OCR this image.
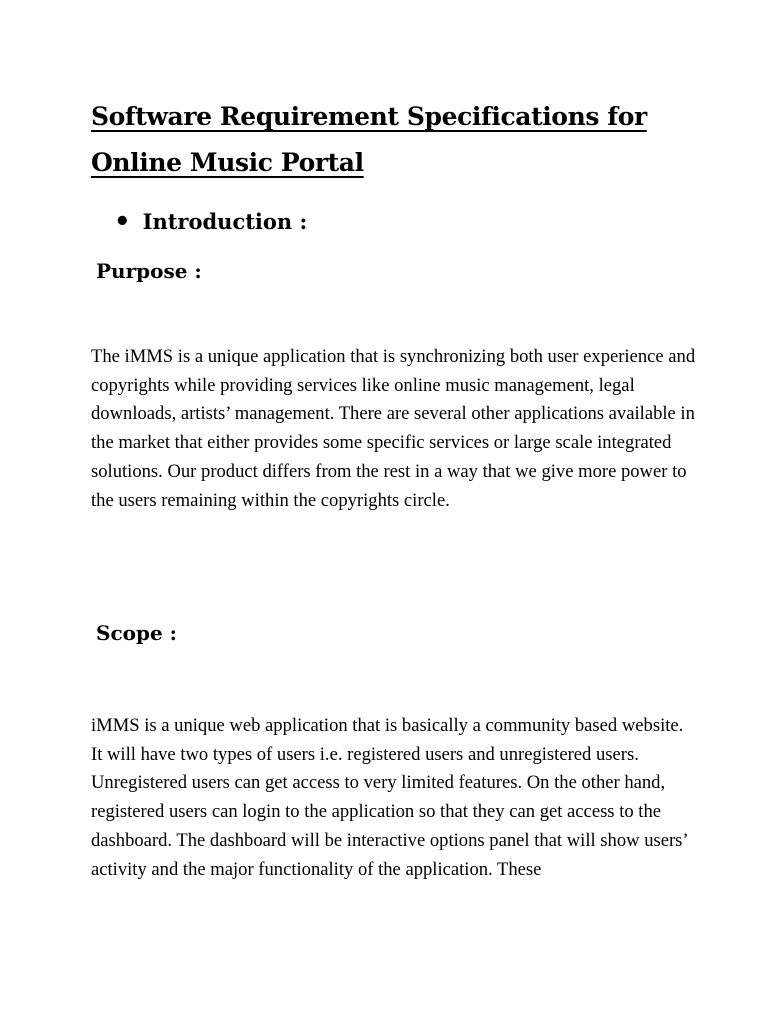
Software Requirement Specifications for Online Music Portal
• Introduction :
Purpose :

The iMMS is a unique application that is synchronizing both user experience and copyrights while providing services like online music management, legal downloads, artists’ management. There are several other applications available in the market that either provides some specific services or large scale integrated solutions. Our product differs from the rest in a way that we give more power to the users remaining within the copyrights circle.

Scope :

iMMS is a unique web application that is basically a community based website. It will have two types of users i.e. registered users and unregistered users. Unregistered users can get access to very limited features. On the other hand, registered users can login to the application so that they can get access to the dashboard. The dashboard will be interactive options panel that will show users’ activity and the major functionality of the application. These
